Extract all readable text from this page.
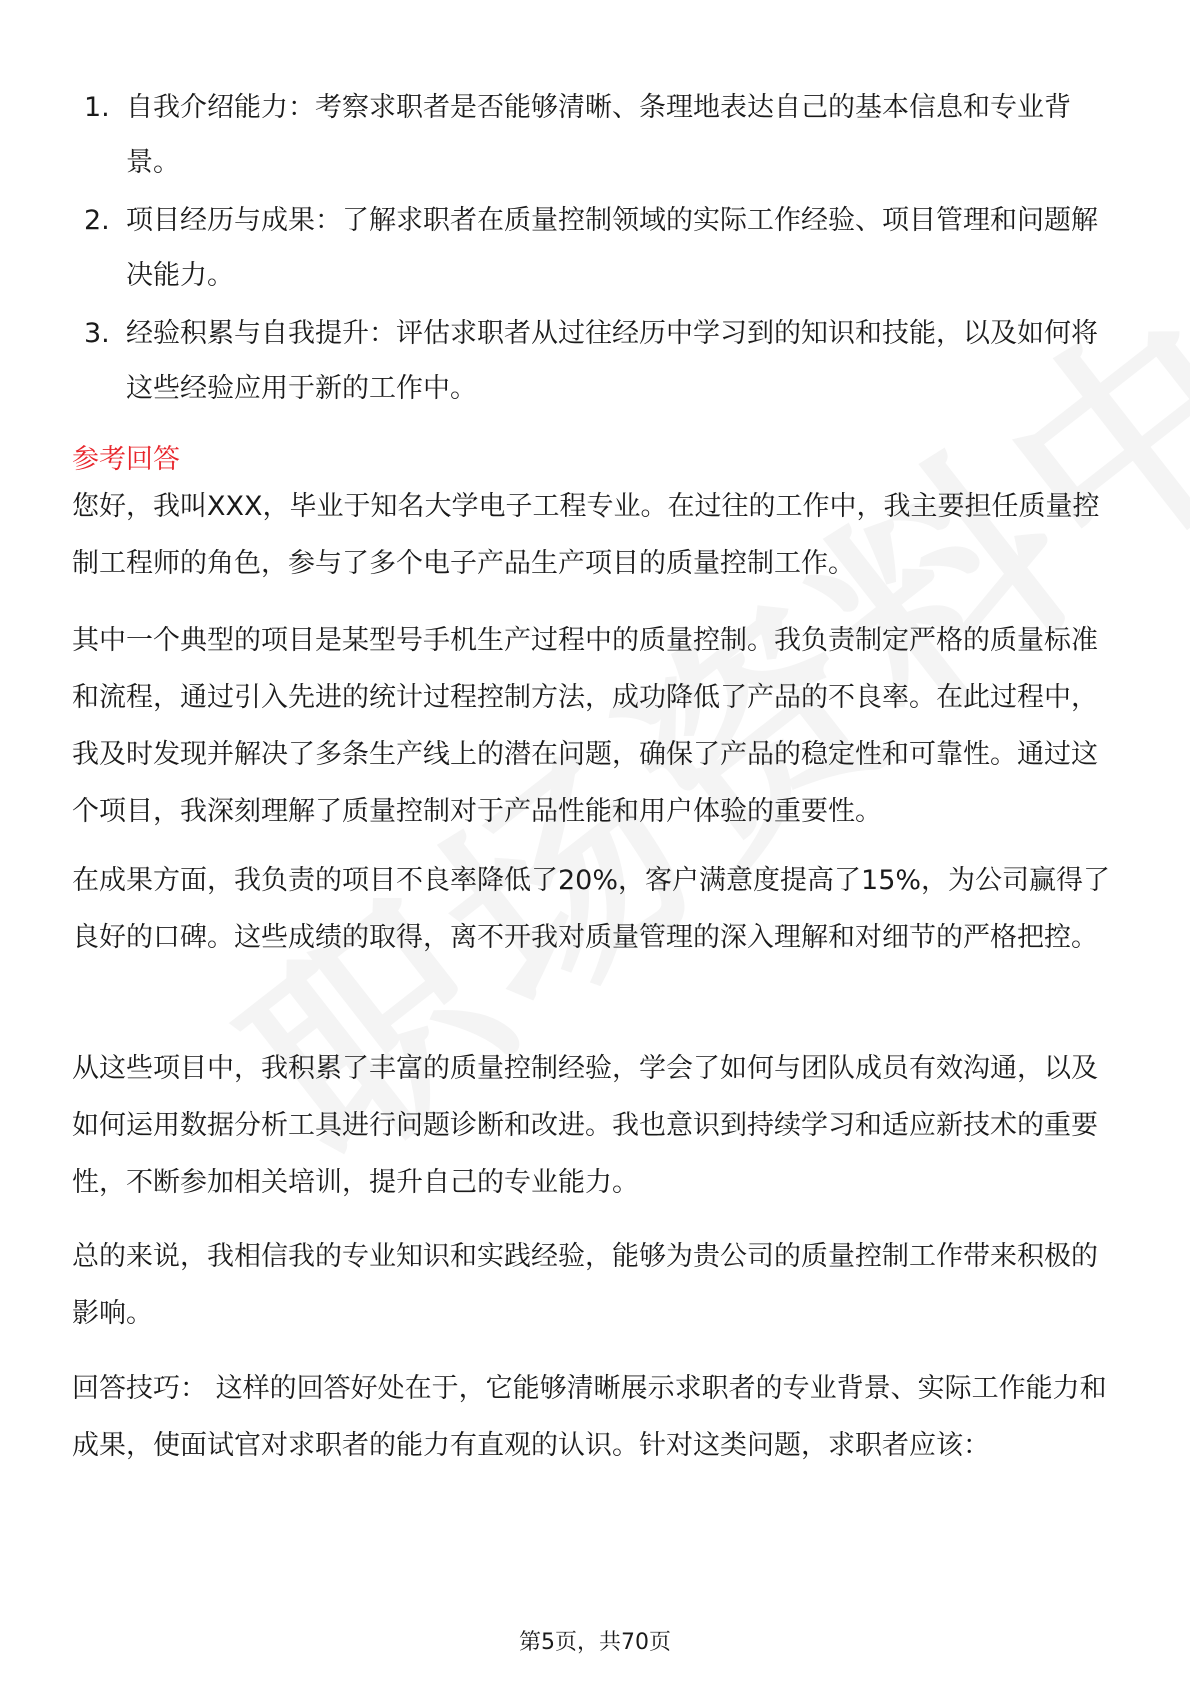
1. 自我介绍能力：考察求职者是否能够清晰、条理地表达自己的基本信息和专业背景。
2. 项目经历与成果：了解求职者在质量控制领域的实际工作经验、项目管理和问题解决能力。
3. 经验积累与自我提升：评估求职者从过往经历中学习到的知识和技能，以及如何将这些经验应用于新的工作中。
参考回答

您好，我叫XXX，毕业于知名大学电子工程专业。在过往的工作中，我主要担任质量控制工程师的角色，参与了多个电子产品生产项目的质量控制工作。

其中一个典型的项目是某型号手机生产过程中的质量控制。我负责制定严格的质量标准和流程，通过引入先进的统计过程控制方法，成功降低了产品的不良率。在此过程中，我及时发现并解决了多条生产线上的潜在问题，确保了产品的稳定性和可靠性。通过这个项目，我深刻理解了质量控制对于产品性能和用户体验的重要性。

在成果方面，我负责的项目不良率降低了20%，客户满意度提高了15%，为公司赢得了良好的口碑。这些成绩的取得，离不开我对质量管理的深入理解和对细节的严格把控。

从这些项目中，我积累了丰富的质量控制经验，学会了如何与团队成员有效沟通，以及如何运用数据分析工具进行问题诊断和改进。我也意识到持续学习和适应新技术的重要性，不断参加相关培训，提升自己的专业能力。

总的来说，我相信我的专业知识和实践经验，能够为贵公司的质量控制工作带来积极的影响。

回答技巧： 这样的回答好处在于，它能够清晰展示求职者的专业背景、实际工作能力和成果，使面试官对求职者的能力有直观的认识。针对这类问题，求职者应该：

第5页，共70页
